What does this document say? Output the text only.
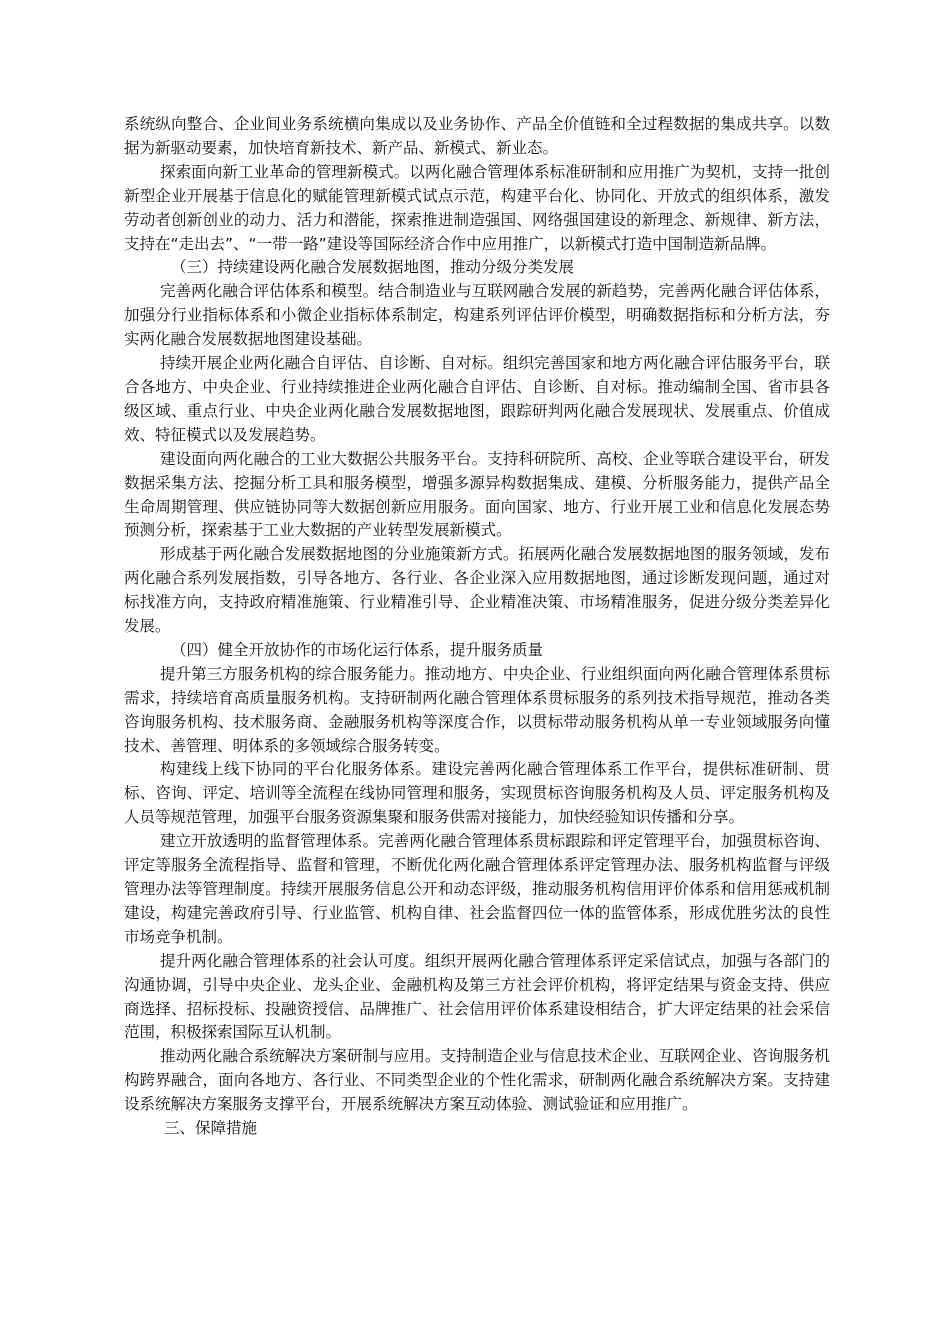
系统纵向整合、企业间业务系统横向集成以及业务协作、产品全价值链和全过程数据的集成共享。以数据为新驱动要素，加快培育新技术、新产品、新模式、新业态。

探索面向新工业革命的管理新模式。以两化融合管理体系标准研制和应用推广为契机，支持一批创新型企业开展基于信息化的赋能管理新模式试点示范，构建平台化、协同化、开放式的组织体系，激发劳动者创新创业的动力、活力和潜能，探索推进制造强国、网络强国建设的新理念、新规律、新方法，支持在“走出去”、“一带一路”建设等国际经济合作中应用推广，以新模式打造中国制造新品牌。

（三）持续建设两化融合发展数据地图，推动分级分类发展

完善两化融合评估体系和模型。结合制造业与互联网融合发展的新趋势，完善两化融合评估体系，加强分行业指标体系和小微企业指标体系制定，构建系列评估评价模型，明确数据指标和分析方法，夯实两化融合发展数据地图建设基础。

持续开展企业两化融合自评估、自诊断、自对标。组织完善国家和地方两化融合评估服务平台，联合各地方、中央企业、行业持续推进企业两化融合自评估、自诊断、自对标。推动编制全国、省市县各级区域、重点行业、中央企业两化融合发展数据地图，跟踪研判两化融合发展现状、发展重点、价值成效、特征模式以及发展趋势。

建设面向两化融合的工业大数据公共服务平台。支持科研院所、高校、企业等联合建设平台，研发数据采集方法、挖掘分析工具和服务模型，增强多源异构数据集成、建模、分析服务能力，提供产品全生命周期管理、供应链协同等大数据创新应用服务。面向国家、地方、行业开展工业和信息化发展态势预测分析，探索基于工业大数据的产业转型发展新模式。

形成基于两化融合发展数据地图的分业施策新方式。拓展两化融合发展数据地图的服务领域，发布两化融合系列发展指数，引导各地方、各行业、各企业深入应用数据地图，通过诊断发现问题，通过对标找准方向，支持政府精准施策、行业精准引导、企业精准决策、市场精准服务，促进分级分类差异化发展。

（四）健全开放协作的市场化运行体系，提升服务质量

提升第三方服务机构的综合服务能力。推动地方、中央企业、行业组织面向两化融合管理体系贯标需求，持续培育高质量服务机构。支持研制两化融合管理体系贯标服务的系列技术指导规范，推动各类咨询服务机构、技术服务商、金融服务机构等深度合作，以贯标带动服务机构从单一专业领域服务向懂技术、善管理、明体系的多领域综合服务转变。

构建线上线下协同的平台化服务体系。建设完善两化融合管理体系工作平台，提供标准研制、贯标、咨询、评定、培训等全流程在线协同管理和服务，实现贯标咨询服务机构及人员、评定服务机构及人员等规范管理，加强平台服务资源集聚和服务供需对接能力，加快经验知识传播和分享。

建立开放透明的监督管理体系。完善两化融合管理体系贯标跟踪和评定管理平台，加强贯标咨询、评定等服务全流程指导、监督和管理，不断优化两化融合管理体系评定管理办法、服务机构监督与评级管理办法等管理制度。持续开展服务信息公开和动态评级，推动服务机构信用评价体系和信用惩戒机制建设，构建完善政府引导、行业监管、机构自律、社会监督四位一体的监管体系，形成优胜劣汰的良性市场竞争机制。

提升两化融合管理体系的社会认可度。组织开展两化融合管理体系评定采信试点，加强与各部门的沟通协调，引导中央企业、龙头企业、金融机构及第三方社会评价机构，将评定结果与资金支持、供应商选择、招标投标、投融资授信、品牌推广、社会信用评价体系建设相结合，扩大评定结果的社会采信范围，积极探索国际互认机制。

推动两化融合系统解决方案研制与应用。支持制造企业与信息技术企业、互联网企业、咨询服务机构跨界融合，面向各地方、各行业、不同类型企业的个性化需求，研制两化融合系统解决方案。支持建设系统解决方案服务支撑平台，开展系统解决方案互动体验、测试验证和应用推广。

三、保障措施
